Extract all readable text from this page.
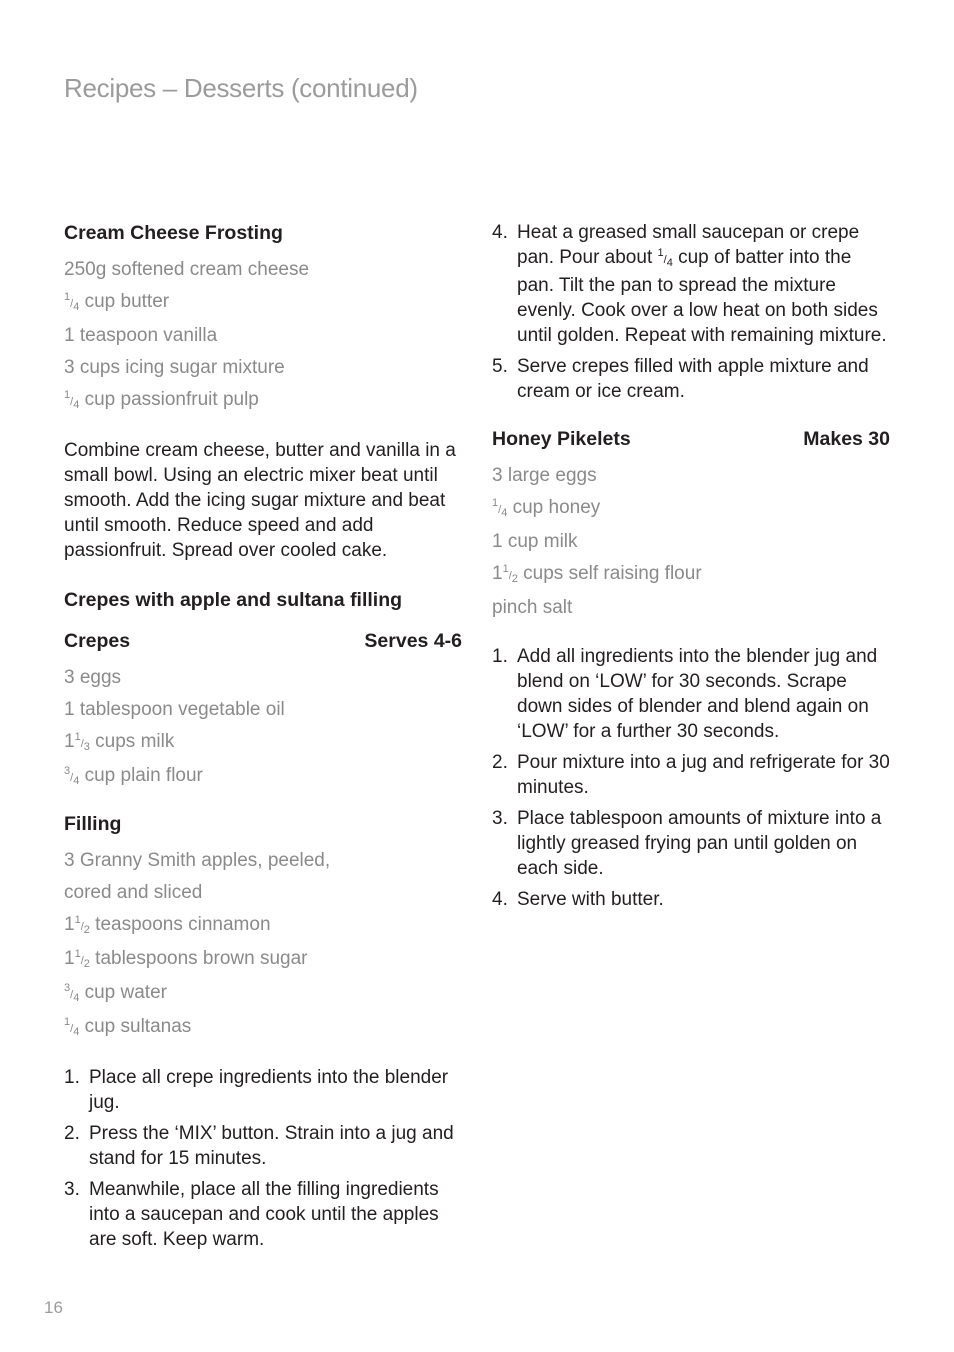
Recipes – Desserts (continued)
Cream Cheese Frosting
250g softened cream cheese
1/4 cup butter
1 teaspoon vanilla
3 cups icing sugar mixture
1/4 cup passionfruit pulp

Combine cream cheese, butter and vanilla in a small bowl. Using an electric mixer beat until smooth. Add the icing sugar mixture and beat until smooth. Reduce speed and add passionfruit. Spread over cooled cake.

Crepes with apple and sultana filling
Crepes	Serves 4-6
3 eggs
1 tablespoon vegetable oil
11/3 cups milk
3/4 cup plain flour
Filling
3 Granny Smith apples, peeled,
cored and sliced
11/2 teaspoons cinnamon
11/2 tablespoons brown sugar
3/4 cup water
1/4 cup sultanas
1. Place all crepe ingredients into the blender jug.
2. Press the ‘MIX’ button. Strain into a jug and stand for 15 minutes.
3. Meanwhile, place all the filling ingredients into a saucepan and cook until the apples are soft. Keep warm.
4. Heat a greased small saucepan or crepe pan. Pour about 1/4 cup of batter into the pan. Tilt the pan to spread the mixture evenly. Cook over a low heat on both sides until golden. Repeat with remaining mixture.
5. Serve crepes filled with apple mixture and cream or ice cream.
Honey Pikelets	Makes 30
3 large eggs
1/4 cup honey
1 cup milk
11/2 cups self raising flour
pinch salt
1. Add all ingredients into the blender jug and blend on ‘LOW’ for 30 seconds. Scrape down sides of blender and blend again on ‘LOW’ for a further 30 seconds.
2. Pour mixture into a jug and refrigerate for 30 minutes.
3. Place tablespoon amounts of mixture into a lightly greased frying pan until golden on each side.
4. Serve with butter.
16
